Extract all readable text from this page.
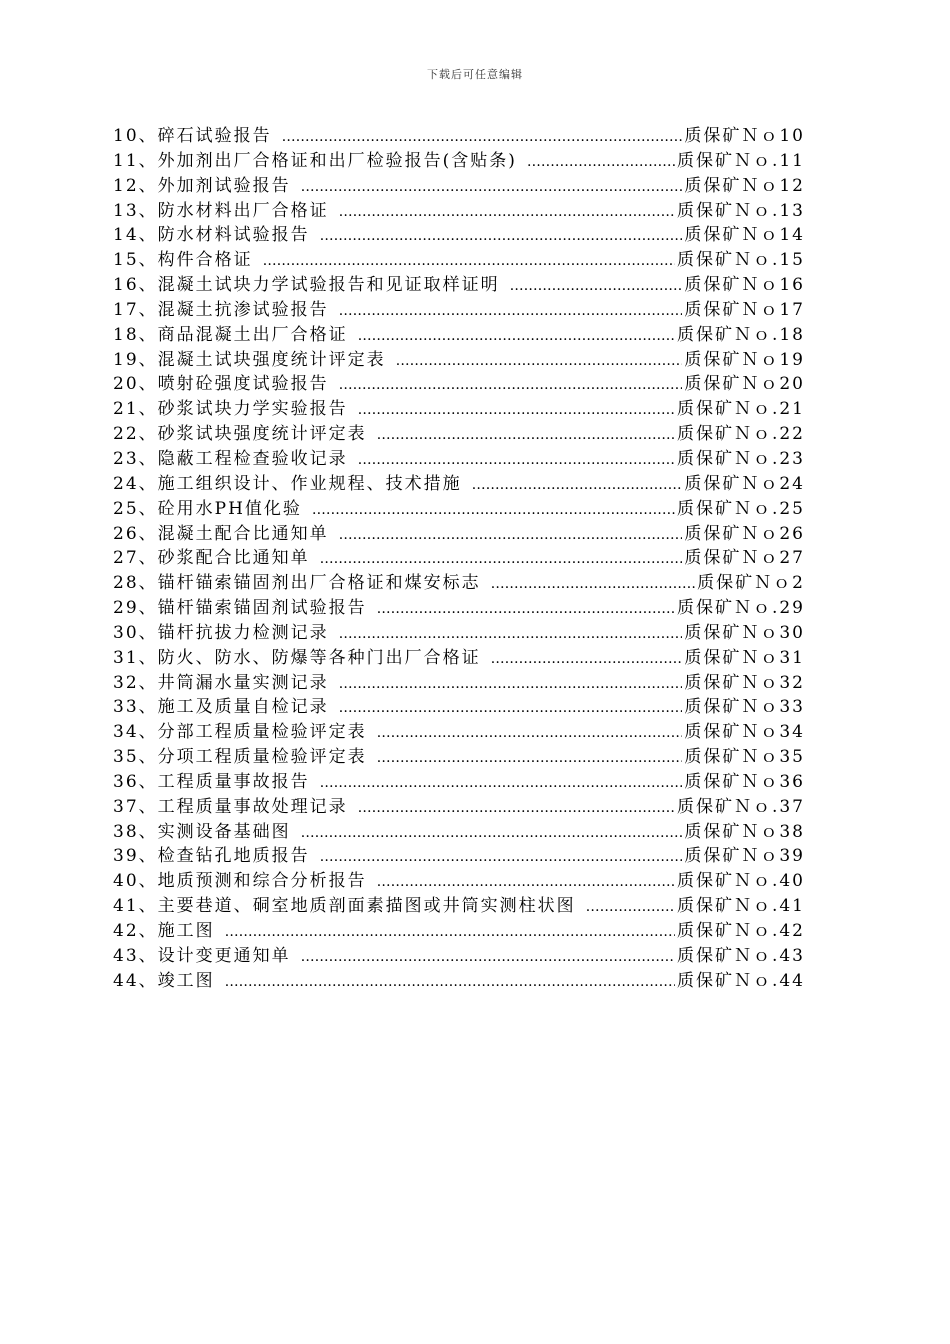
下载后可任意编辑
10、碎石试验报告 …………………………………………………………………………………………………………………………………………	质保矿Ｎｏ10
11、外加剂出厂合格证和出厂检验报告(含贴条) …………………………………………………………………………………………………………………………………………	质保矿Ｎｏ.11
12、外加剂试验报告 …………………………………………………………………………………………………………………………………………	质保矿Ｎｏ12
13、防水材料出厂合格证 …………………………………………………………………………………………………………………………………………	质保矿Ｎｏ.13
14、防水材料试验报告 …………………………………………………………………………………………………………………………………………	质保矿Ｎｏ14
15、构件合格证 …………………………………………………………………………………………………………………………………………	质保矿Ｎｏ.15
16、混凝土试块力学试验报告和见证取样证明 …………………………………………………………………………………………………………………………………………	质保矿Ｎｏ16
17、混凝土抗渗试验报告 …………………………………………………………………………………………………………………………………………	质保矿Ｎｏ17
18、商品混凝土出厂合格证 …………………………………………………………………………………………………………………………………………	质保矿Ｎｏ.18
19、混凝土试块强度统计评定表 …………………………………………………………………………………………………………………………………………	质保矿Ｎｏ19
20、喷射砼强度试验报告 …………………………………………………………………………………………………………………………………………	质保矿Ｎｏ20
21、砂浆试块力学实验报告 …………………………………………………………………………………………………………………………………………	质保矿Ｎｏ.21
22、砂浆试块强度统计评定表 …………………………………………………………………………………………………………………………………………	质保矿Ｎｏ.22
23、隐蔽工程检查验收记录 …………………………………………………………………………………………………………………………………………	质保矿Ｎｏ.23
24、施工组织设计、作业规程、技术措施 …………………………………………………………………………………………………………………………………………	质保矿Ｎｏ24
25、砼用水PH值化验 …………………………………………………………………………………………………………………………………………	质保矿Ｎｏ.25
26、混凝土配合比通知单 …………………………………………………………………………………………………………………………………………	质保矿Ｎｏ26
27、砂浆配合比通知单 …………………………………………………………………………………………………………………………………………	质保矿Ｎｏ27
28、锚杆锚索锚固剂出厂合格证和煤安标志 …………………………………………………………………………………………………………………………………………	质保矿Ｎｏ2
29、锚杆锚索锚固剂试验报告 …………………………………………………………………………………………………………………………………………	质保矿Ｎｏ.29
30、锚杆抗拔力检测记录 …………………………………………………………………………………………………………………………………………	质保矿Ｎｏ30
31、防火、防水、防爆等各种门出厂合格证 …………………………………………………………………………………………………………………………………………	质保矿Ｎｏ31
32、井筒漏水量实测记录 …………………………………………………………………………………………………………………………………………	质保矿Ｎｏ32
33、施工及质量自检记录 …………………………………………………………………………………………………………………………………………	质保矿Ｎｏ33
34、分部工程质量检验评定表 …………………………………………………………………………………………………………………………………………	质保矿Ｎｏ34
35、分项工程质量检验评定表 …………………………………………………………………………………………………………………………………………	质保矿Ｎｏ35
36、工程质量事故报告 …………………………………………………………………………………………………………………………………………	质保矿Ｎｏ36
37、工程质量事故处理记录 …………………………………………………………………………………………………………………………………………	质保矿Ｎｏ.37
38、实测设备基础图 …………………………………………………………………………………………………………………………………………	质保矿Ｎｏ38
39、检查钻孔地质报告 …………………………………………………………………………………………………………………………………………	质保矿Ｎｏ39
40、地质预测和综合分析报告 …………………………………………………………………………………………………………………………………………	质保矿Ｎｏ.40
41、主要巷道、硐室地质剖面素描图或井筒实测柱状图 …………………………………………………………………………………………………………………………………………	质保矿Ｎｏ.41
42、施工图 …………………………………………………………………………………………………………………………………………	质保矿Ｎｏ.42
43、设计变更通知单 …………………………………………………………………………………………………………………………………………	质保矿Ｎｏ.43
44、竣工图 …………………………………………………………………………………………………………………………………………	质保矿Ｎｏ.44
